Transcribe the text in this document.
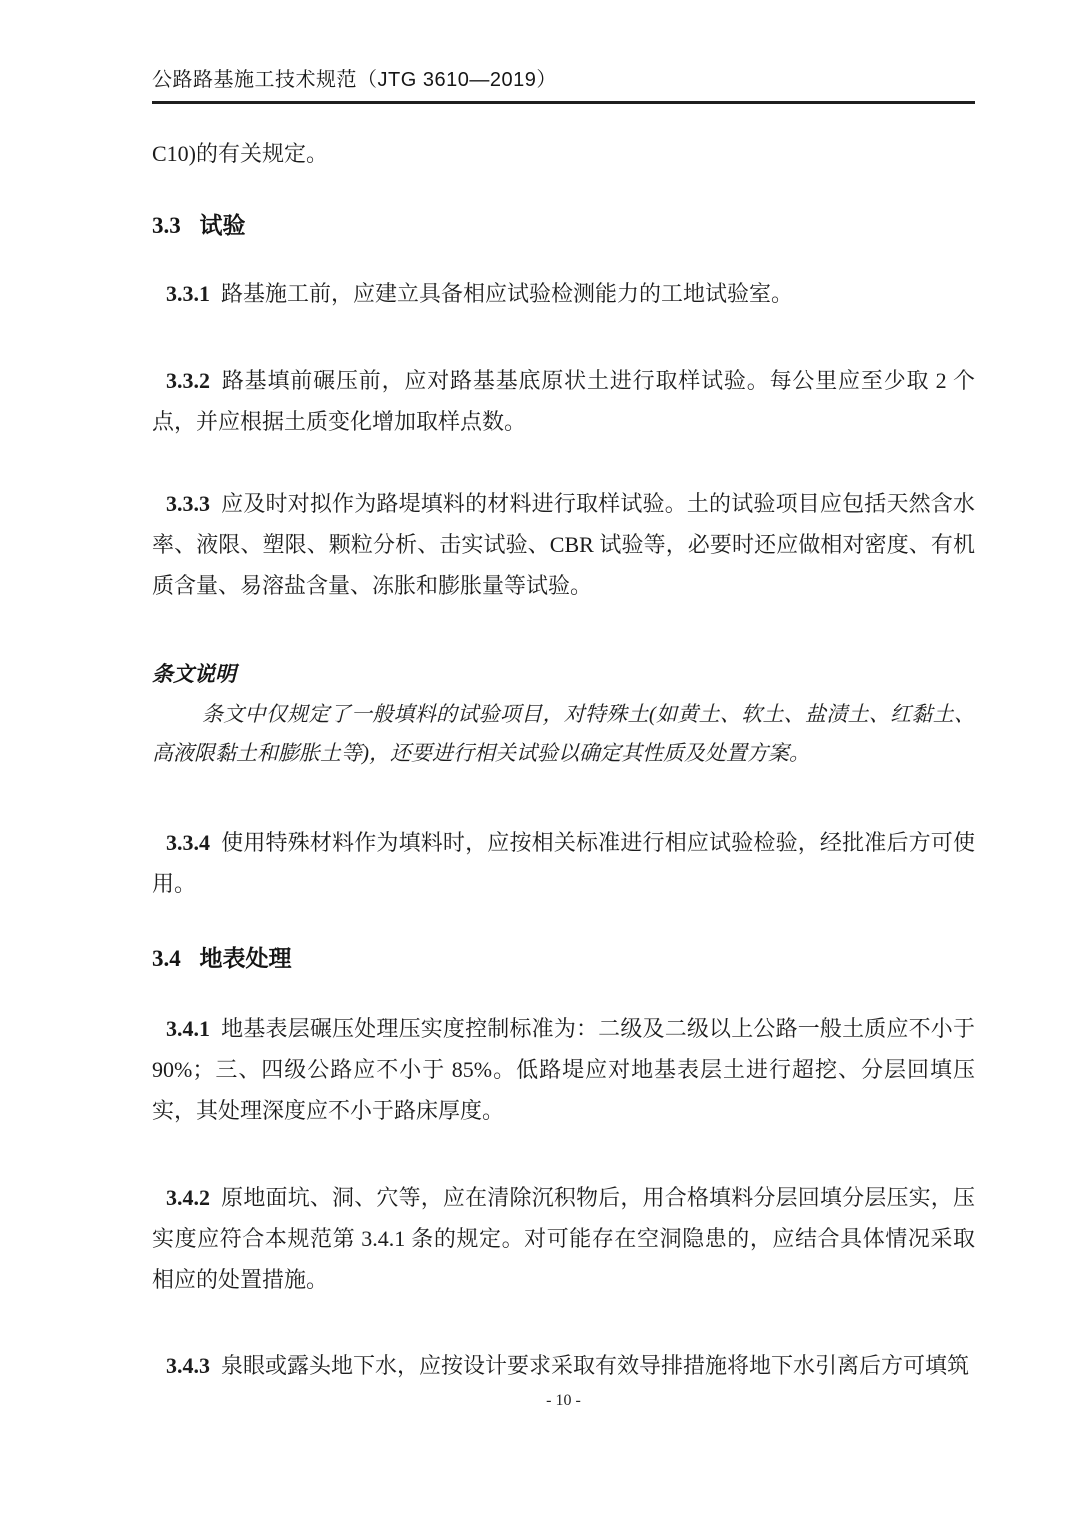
公路路基施工技术规范（JTG 3610—2019）

C10)的有关规定。

3.3 试验

3.3.1 路基施工前，应建立具备相应试验检测能力的工地试验室。

3.3.2 路基填前碾压前，应对路基基底原状土进行取样试验。每公里应至少取 2 个点，并应根据土质变化增加取样点数。

3.3.3 应及时对拟作为路堤填料的材料进行取样试验。土的试验项目应包括天然含水率、液限、塑限、颗粒分析、击实试验、CBR 试验等，必要时还应做相对密度、有机质含量、易溶盐含量、冻胀和膨胀量等试验。

条文说明

条文中仅规定了一般填料的试验项目，对特殊土(如黄土、软土、盐渍土、红黏土、高液限黏土和膨胀土等)，还要进行相关试验以确定其性质及处置方案。

3.3.4 使用特殊材料作为填料时，应按相关标准进行相应试验检验，经批准后方可使用。

3.4 地表处理

3.4.1 地基表层碾压处理压实度控制标准为：二级及二级以上公路一般土质应不小于 90%；三、四级公路应不小于 85%。低路堤应对地基表层土进行超挖、分层回填压实，其处理深度应不小于路床厚度。

3.4.2 原地面坑、洞、穴等，应在清除沉积物后，用合格填料分层回填分层压实，压实度应符合本规范第 3.4.1 条的规定。对可能存在空洞隐患的，应结合具体情况采取相应的处置措施。

3.4.3 泉眼或露头地下水，应按设计要求采取有效导排措施将地下水引离后方可填筑

- 10 -
